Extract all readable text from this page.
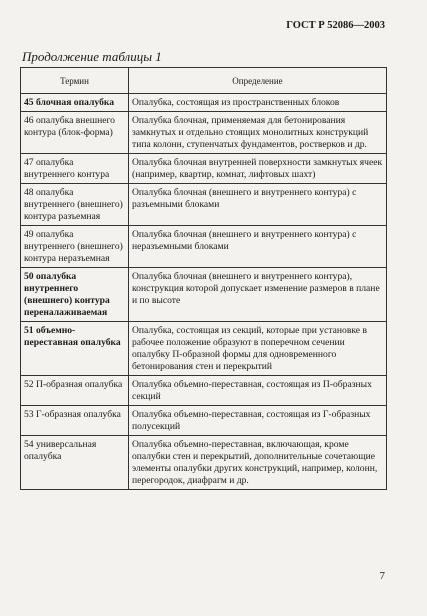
ГОСТ Р 52086—2003
Продолжение таблицы 1
Термин	Определение
45 блочная опалубка	Опалубка, состоящая из пространственных блоков
46 опалубка внешнего контура (блок-форма)	Опалубка блочная, применяемая для бетонирования замкнутых и отдельно стоящих монолитных конструкций типа колонн, ступенчатых фундаментов, ростверков и др.
47 опалубка внутреннего контура	Опалубка блочная внутренней поверхности замкнутых ячеек (например, квартир, комнат, лифтовых шахт)
48 опалубка внутреннего (внешнего) контура разъемная	Опалубка блочная (внешнего и внутреннего контура) с разъемными блоками
49 опалубка внутреннего (внешнего) контура неразъемная	Опалубка блочная (внешнего и внутреннего контура) с неразъемными блоками
50 опалубка внутреннего (внешнего) контура переналаживаемая	Опалубка блочная (внешнего и внутреннего контура), конструкция которой допускает изменение размеров в плане и по высоте
51 объемно-переставная опалубка	Опалубка, состоящая из секций, которые при установке в рабочее положение образуют в поперечном сечении опалубку П-образной формы для одновременного бетонирования стен и перекрытий
52 П-образная опалубка	Опалубка объемно-переставная, состоящая из П-образных секций
53 Г-образная опалубка	Опалубка объемно-переставная, состоящая из Г-образных полусекций
54 универсальная опалубка	Опалубка объемно-переставная, включающая, кроме опалубки стен и перекрытий, дополнительные сочетающие элементы опалубки других конструкций, например, колонн, перегородок, диафрагм и др.
7
